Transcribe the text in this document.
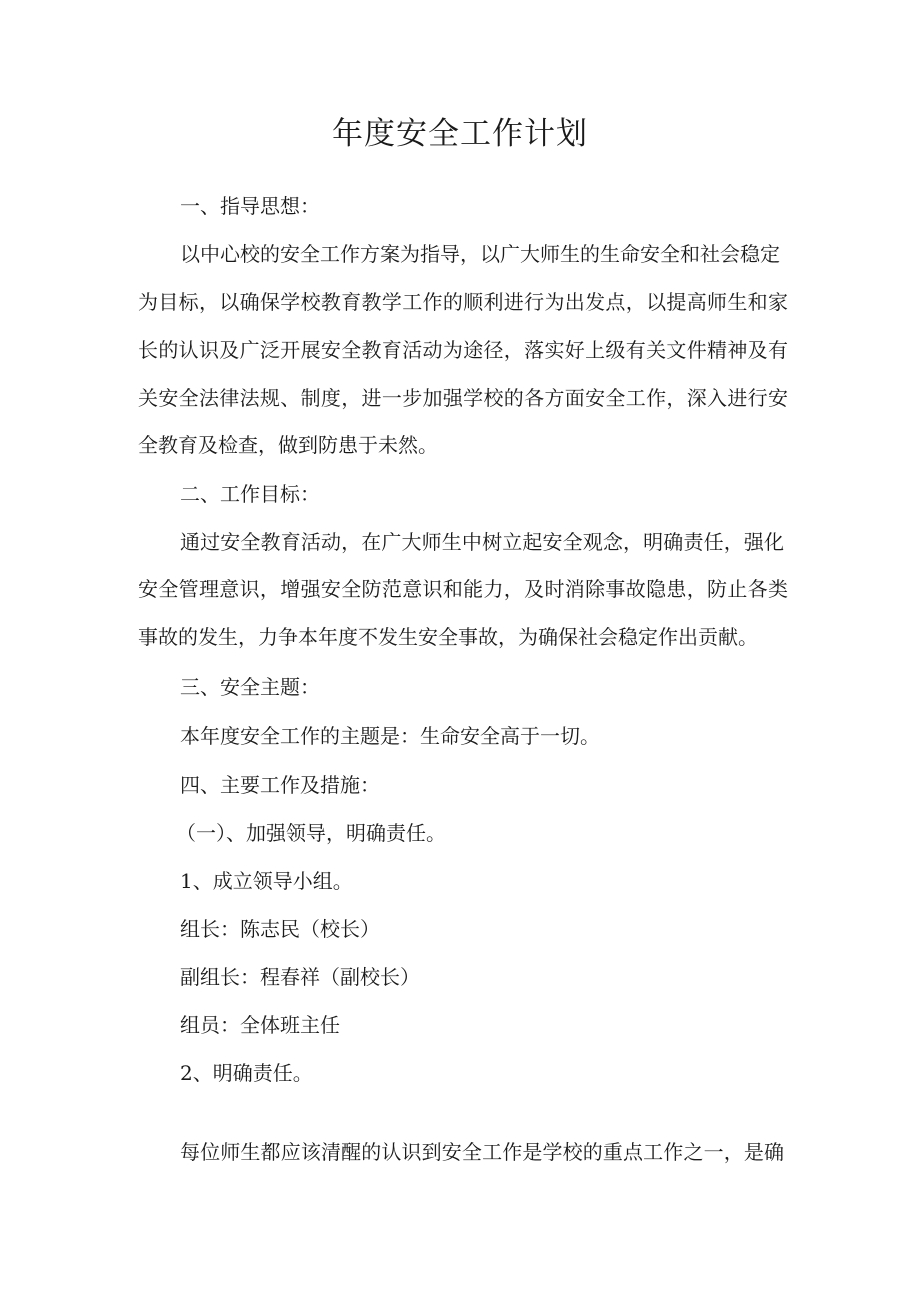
年度安全工作计划

一、指导思想：

以中心校的安全工作方案为指导，以广大师生的生命安全和社会稳定

为目标，以确保学校教育教学工作的顺利进行为出发点，以提高师生和家

长的认识及广泛开展安全教育活动为途径，落实好上级有关文件精神及有

关安全法律法规、制度，进一步加强学校的各方面安全工作，深入进行安

全教育及检查，做到防患于未然。

二、工作目标：

通过安全教育活动，在广大师生中树立起安全观念，明确责任，强化

安全管理意识，增强安全防范意识和能力，及时消除事故隐患，防止各类

事故的发生，力争本年度不发生安全事故，为确保社会稳定作出贡献。

三、安全主题：

本年度安全工作的主题是：生命安全高于一切。

四、主要工作及措施：

（一）、加强领导，明确责任。

1、成立领导小组。

组长：陈志民（校长）

副组长：程春祥（副校长）

组员：全体班主任

2、明确责任。

每位师生都应该清醒的认识到安全工作是学校的重点工作之一，是确
